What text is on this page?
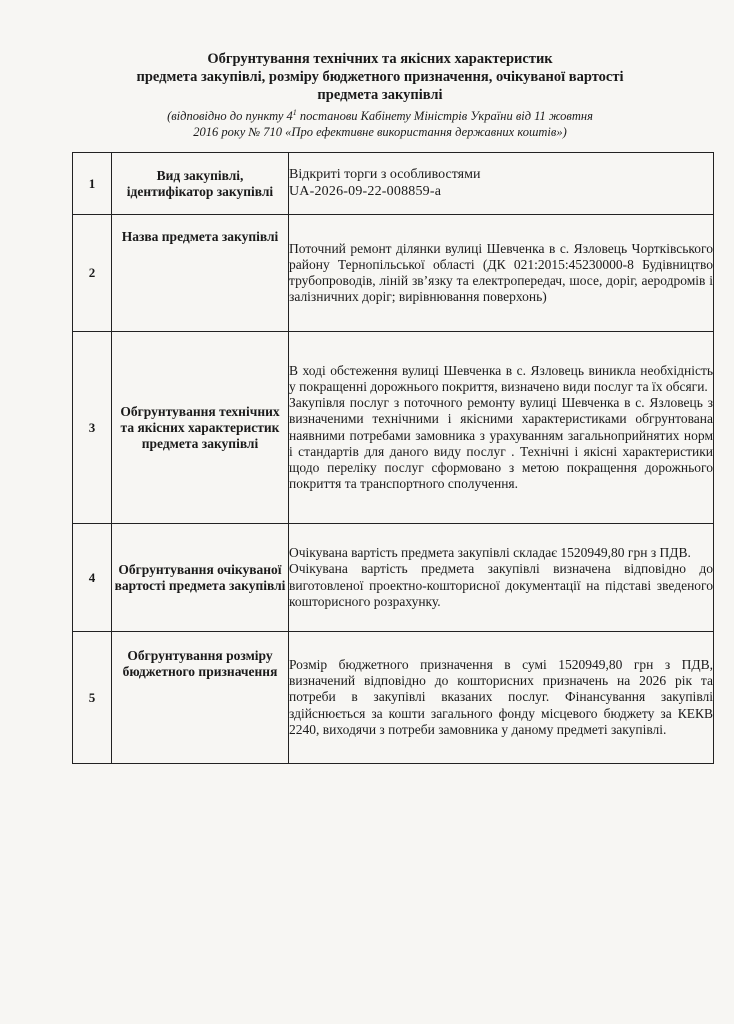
Обгрунтування технічних та якісних характеристик
предмета закупівлі, розміру бюджетного призначення, очікуваної вартості
предмета закупівлі
(відповідно до пункту $4^1$ постанови Кабінету Міністрів України від 11 жовтня
2016 року № 710 «Про ефективне використання державних коштів»)
1	Вид закупівлі, ідентифікатор закупівлі	Відкриті торги з особливостями
UA-2026-09-22-008859-a

2	Назва предмета закупівлі	Поточний ремонт ділянки вулиці Шевченка в с. Язловець Чортківського району Тернопільської області (ДК 021:2015:45230000-8 Будівництво трубопроводів, ліній зв’язку та електропередач, шосе, доріг, аеродромів і залізничних доріг; вирівнювання поверхонь)

3	Обгрунтування технічних та якісних характеристик предмета закупівлі	В ході обстеження вулиці Шевченка в с. Язловець виникла необхідність у покращенні дорожнього покриття, визначено види послуг та їх обсяги.
Закупівля послуг з поточного ремонту вулиці Шевченка в с. Язловець з визначеними технічними і якісними характеристиками обгрунтована наявними потребами замовника з урахуванням загальноприйнятих норм і стандартів для даного виду послуг . Технічні і якісні характеристики щодо переліку послуг сформовано з метою покращення дорожнього покриття та транспортного сполучення.

4	Обгрунтування очікуваної вартості предмета закупівлі	Очікувана вартість предмета закупівлі складає 1520949,80 грн з ПДВ.
Очікувана вартість предмета закупівлі визначена відповідно до виготовленої проектно-кошторисної документації на підставі зведеного кошторисного розрахунку.

5	Обгрунтування розміру бюджетного призначення	Розмір бюджетного призначення в сумі 1520949,80 грн з ПДВ, визначений відповідно до кошторисних призначень на 2026 рік та потреби в закупівлі вказаних послуг. Фінансування закупівлі здійснюється за кошти загального фонду місцевого бюджету за КЕКВ 2240, виходячи з потреби замовника у даному предметі закупівлі.
